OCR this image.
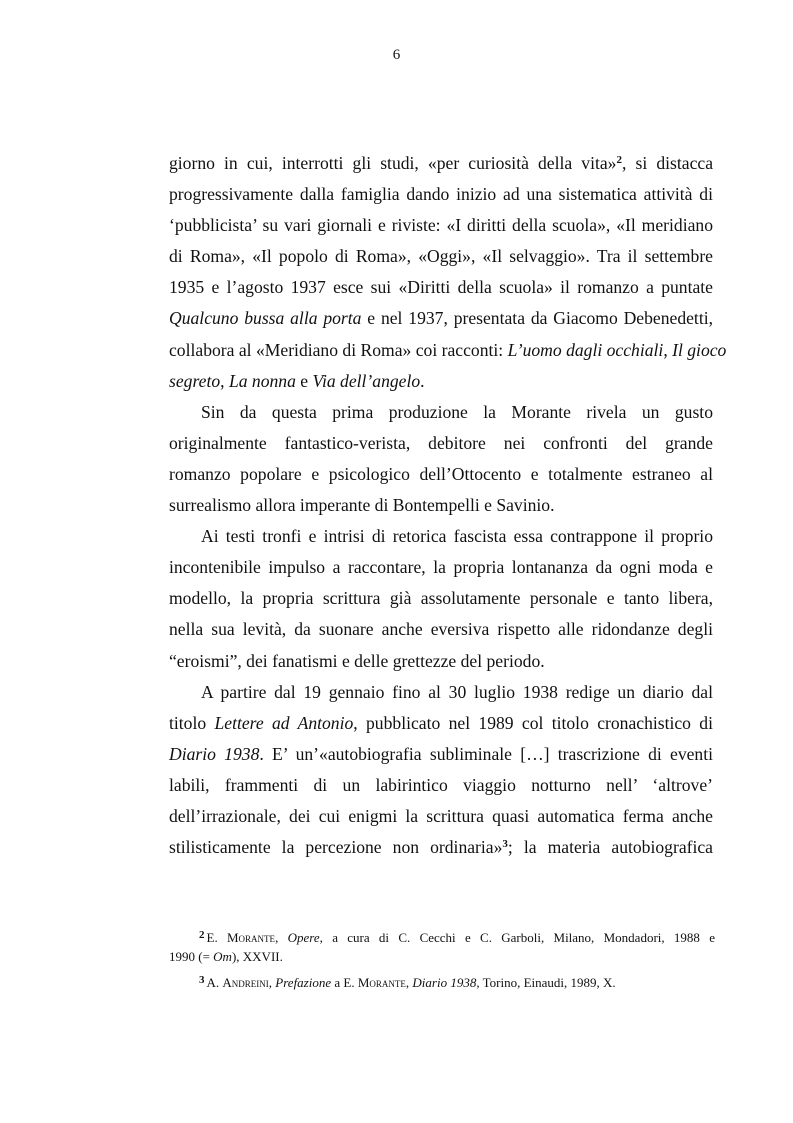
6
giorno in cui, interrotti gli studi, «per curiosità della vita»$^2$, si distacca
progressivamente dalla famiglia dando inizio ad una sistematica attività di
‘pubblicista’ su vari giornali e riviste: «I diritti della scuola», «Il meridiano
di Roma», «Il popolo di Roma», «Oggi», «Il selvaggio». Tra il settembre
1935 e l’agosto 1937 esce sui «Diritti della scuola» il romanzo a puntate
Qualcuno bussa alla porta e nel 1937, presentata da Giacomo Debenedetti,
collabora al «Meridiano di Roma» coi racconti: L’uomo dagli occhiali, Il gioco
segreto, La nonna e Via dell’angelo.
Sin da questa prima produzione la Morante rivela un gusto
originalmente fantastico-verista, debitore nei confronti del grande
romanzo popolare e psicologico dell’Ottocento e totalmente estraneo al
surrealismo allora imperante di Bontempelli e Savinio.
Ai testi tronfi e intrisi di retorica fascista essa contrappone il proprio
incontenibile impulso a raccontare, la propria lontananza da ogni moda e
modello, la propria scrittura già assolutamente personale e tanto libera,
nella sua levità, da suonare anche eversiva rispetto alle ridondanze degli
“eroismi”, dei fanatismi e delle grettezze del periodo.
A partire dal 19 gennaio fino al 30 luglio 1938 redige un diario dal
titolo Lettere ad Antonio, pubblicato nel 1989 col titolo cronachistico di
Diario 1938. E’ un’«autobiografia subliminale […] trascrizione di eventi
labili, frammenti di un labirintico viaggio notturno nell’ ‘altrove’
dell’irrazionale, dei cui enigmi la scrittura quasi automatica ferma anche
stilisticamente la percezione non ordinaria»$^3$; la materia autobiografica
$^2$ E. Morante, Opere, a cura di C. Cecchi e C. Garboli, Milano, Mondadori, 1988 e
1990 (= Om), XXVII.
$^3$ A. Andreini, Prefazione a E. Morante, Diario 1938, Torino, Einaudi, 1989, X.
